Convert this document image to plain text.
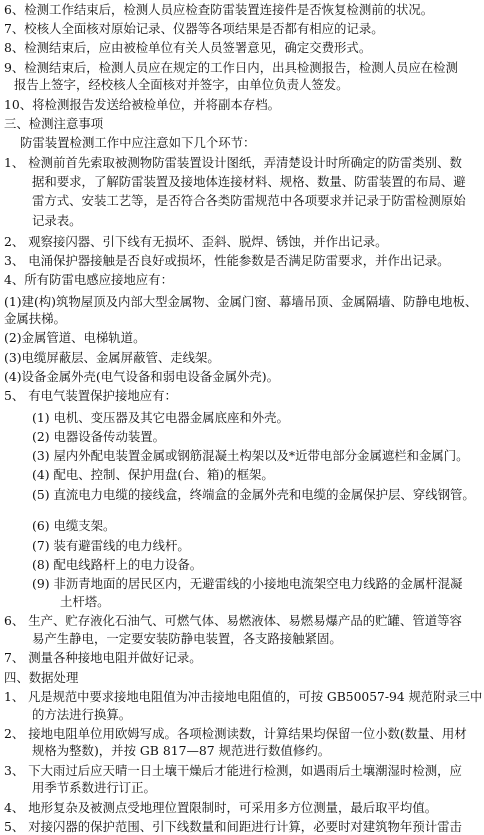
6、检测工作结束后，检测人员应检查防雷装置连接件是否恢复检测前的状况。
7、校核人全面核对原始记录、仪器等各项结果是否都有相应的记录。
8、检测结束后，应由被检单位有关人员签署意见，确定交费形式。
9、检测结束后，检测人员应在规定的工作日内，出具检测报告，检测人员应在检测
报告上签字，经校核人全面核对并签字，由单位负责人签发。
10、将检测报告发送给被检单位，并将副本存档。
三、检测注意事项
防雷装置检测工作中应注意如下几个环节：
1、 检测前首先索取被测物防雷装置设计图纸，弄清楚设计时所确定的防雷类别、数
据和要求，了解防雷装置及接地体连接材料、规格、数量、防雷装置的布局、避
雷方式、安装工艺等，是否符合各类防雷规范中各项要求并记录于防雷检测原始
记录表。
2、 观察接闪器、引下线有无损坏、歪斜、脱焊、锈蚀，并作出记录。
3、 电涌保护器接触是否良好或损坏，性能参数是否满足防雷要求，并作出记录。
4、所有防雷电感应接地应有：
(1)建(构)筑物屋顶及内部大型金属物、金属门窗、幕墙吊顶、金属隔墙、防静电地板、
金属扶梯。
(2)金属管道、电梯轨道。
(3)电缆屏蔽层、金属屏蔽管、走线架。
(4)设备金属外壳(电气设备和弱电设备金属外壳)。
5、 有电气装置保护接地应有：
(1) 电机、变压器及其它电器金属底座和外壳。
(2) 电器设备传动装置。
(3) 屋内外配电装置金属或钢筋混凝土构架以及*近带电部分金属遮栏和金属门。
(4) 配电、控制、保护用盘(台、箱)的框架。
(5) 直流电力电缆的接线盒，终端盒的金属外壳和电缆的金属保护层、穿线钢管。
(6) 电缆支架。
(7) 装有避雷线的电力线杆。
(8) 配电线路杆上的电力设备。
(9) 非沥青地面的居民区内，无避雷线的小接地电流架空电力线路的金属杆混凝
土杆塔。
6、 生产、贮存液化石油气、可燃气体、易燃液体、易燃易爆产品的贮罐、管道等容
易产生静电，一定要安装防静电装置，各支路接触紧固。
7、 测量各种接地电阻并做好记录。
四、数据处理
1、 凡是规范中要求接地电阻值为冲击接地电阻值的，可按 GB50057-94 规范附录三中
的方法进行换算。
2、 接地电阻单位用欧姆写成。各项检测读数，计算结果均保留一位小数(数量、用材
规格为整数)，并按 GB 817—87 规范进行数值修约。
3、 下大雨过后应天晴一日土壤干燥后才能进行检测，如遇雨后土壤潮湿时检测，应
用季节系数进行订正。
4、 地形复杂及被测点受地理位置限制时，可采用多方位测量，最后取平均值。
5、 对接闪器的保护范围、引下线数量和间距进行计算，必要时对建筑物年预计雷击
